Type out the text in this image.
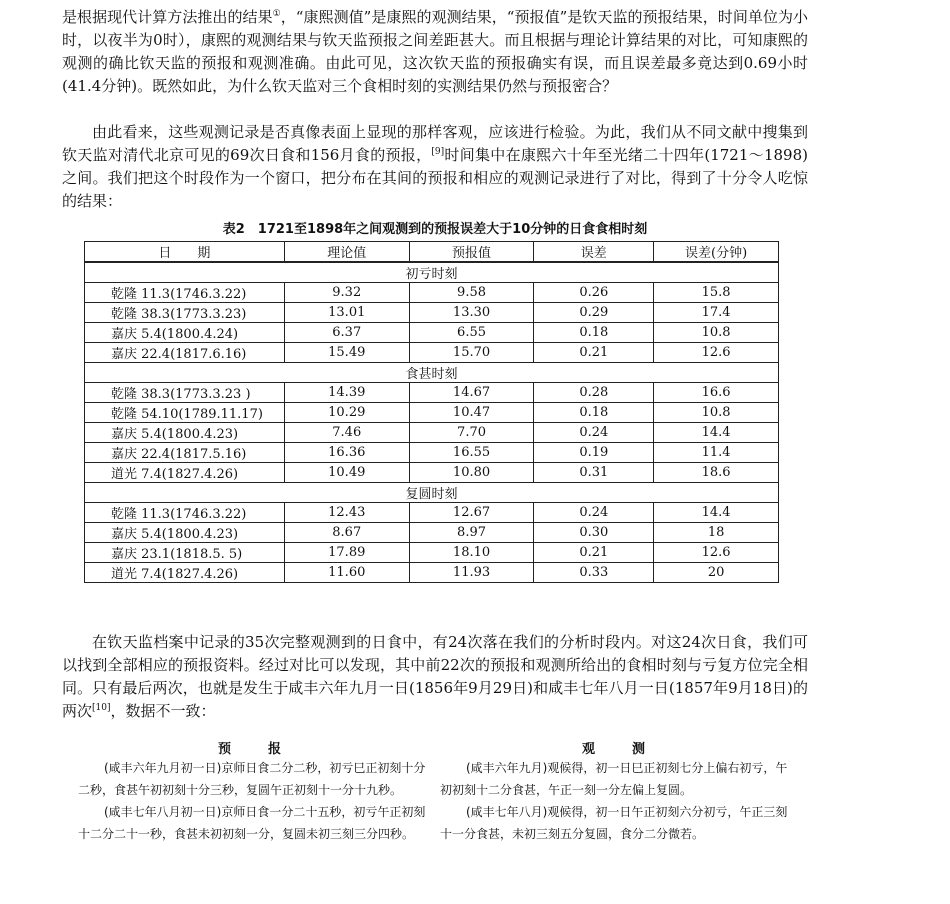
是根据现代计算方法推出的结果①，“康熙测值”是康熙的观测结果，“预报值”是钦天监的预报结果，时间单位为小时，以夜半为0时），康熙的观测结果与钦天监预报之间差距甚大。而且根据与理论计算结果的对比，可知康熙的观测的确比钦天监的预报和观测准确。由此可见，这次钦天监的预报确实有误，而且误差最多竟达到0.69小时(41.4分钟)。既然如此，为什么钦天监对三个食相时刻的实测结果仍然与预报密合？

由此看来，这些观测记录是否真像表面上显现的那样客观，应该进行检验。为此，我们从不同文献中搜集到钦天监对清代北京可见的69次日食和156月食的预报，[9]时间集中在康熙六十年至光绪二十四年(1721～1898)之间。我们把这个时段作为一个窗口，把分布在其间的预报和相应的观测记录进行了对比，得到了十分令人吃惊的结果：

表2　1721至1898年之间观测到的预报误差大于10分钟的日食食相时刻
日　　期	理论值	预报值	误差	误差(分钟)
初亏时刻				
乾隆 11.3(1746.3.22)	9.32	9.58	0.26	15.8
乾隆 38.3(1773.3.23)	13.01	13.30	0.29	17.4
嘉庆 5.4(1800.4.24)	6.37	6.55	0.18	10.8
嘉庆 22.4(1817.6.16)	15.49	15.70	0.21	12.6
食甚时刻				
乾隆 38.3(1773.3.23 )	14.39	14.67	0.28	16.6
乾隆 54.10(1789.11.17)	10.29	10.47	0.18	10.8
嘉庆 5.4(1800.4.23)	7.46	7.70	0.24	14.4
嘉庆 22.4(1817.5.16)	16.36	16.55	0.19	11.4
道光 7.4(1827.4.26)	10.49	10.80	0.31	18.6
复圆时刻				
乾隆 11.3(1746.3.22)	12.43	12.67	0.24	14.4
嘉庆 5.4(1800.4.23)	8.67	8.97	0.30	18
嘉庆 23.1(1818.5. 5)	17.89	18.10	0.21	12.6
道光 7.4(1827.4.26)	11.60	11.93	0.33	20

在钦天监档案中记录的35次完整观测到的日食中，有24次落在我们的分析时段内。对这24次日食，我们可以找到全部相应的预报资料。经过对比可以发现，其中前22次的预报和观测所给出的食相时刻与亏复方位完全相同。只有最后两次，也就是发生于咸丰六年九月一日(1856年9月29日)和咸丰七年八月一日(1857年9月18日)的两次[10]，数据不一致：

预　报	观　测

(咸丰六年九月初一日)京师日食二分二秒，初亏巳正初刻十分二秒，食甚午初初刻十分三秒，复圆午正初刻十一分十九秒。

(咸丰七年八月初一日)京师日食一分二十五秒，初亏午正初刻十二分二十一秒，食甚未初初刻一分，复圆未初三刻三分四秒。

(咸丰六年九月)观候得，初一日巳正初刻七分上偏右初亏，午初初刻十二分食甚，午正一刻一分左偏上复圆。

(咸丰七年八月)观候得，初一日午正初刻六分初亏，午正三刻十一分食甚，未初三刻五分复圆，食分二分微若。
